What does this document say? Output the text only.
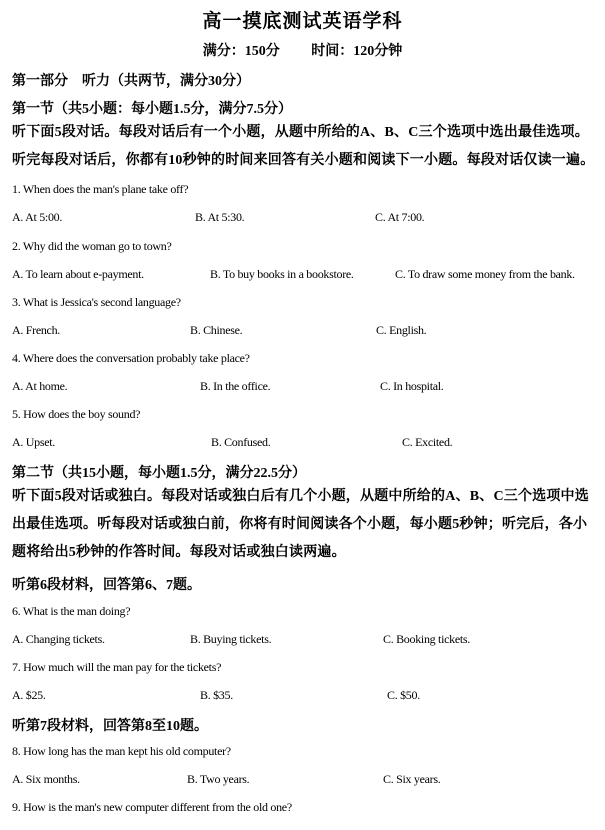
高一摸底测试英语学科
满分：150分 时间：120分钟
第一部分　听力（共两节，满分30分）
第一节（共5小题：每小题1.5分，满分7.5分）
听下面5段对话。每段对话后有一个小题，从题中所给的A、B、C三个选项中选出最佳选项。听完每段对话后，你都有10秒钟的时间来回答有关小题和阅读下一小题。每段对话仅读一遍。
1. When does the man's plane take off?
A. At 5:00.	B. At 5:30.	C. At 7:00.
2. Why did the woman go to town?
A. To learn about e-payment.	B. To buy books in a bookstore.	C. To draw some money from the bank.
3. What is Jessica's second language?
A. French.	B. Chinese.	C. English.
4. Where does the conversation probably take place?
A. At home.	B. In the office.	C. In hospital.
5. How does the boy sound?
A. Upset.	B. Confused.	C. Excited.
第二节（共15小题，每小题1.5分，满分22.5分）
听下面5段对话或独白。每段对话或独白后有几个小题，从题中所给的A、B、C三个选项中选出最佳选项。听每段对话或独白前，你将有时间阅读各个小题，每小题5秒钟；听完后，各小题将给出5秒钟的作答时间。每段对话或独白读两遍。
听第6段材料，回答第6、7题。
6. What is the man doing?
A. Changing tickets.	B. Buying tickets.	C. Booking tickets.
7. How much will the man pay for the tickets?
A. $25.	B. $35.	C. $50.
听第7段材料，回答第8至10题。
8. How long has the man kept his old computer?
A. Six months.	B. Two years.	C. Six years.
9. How is the man's new computer different from the old one?
